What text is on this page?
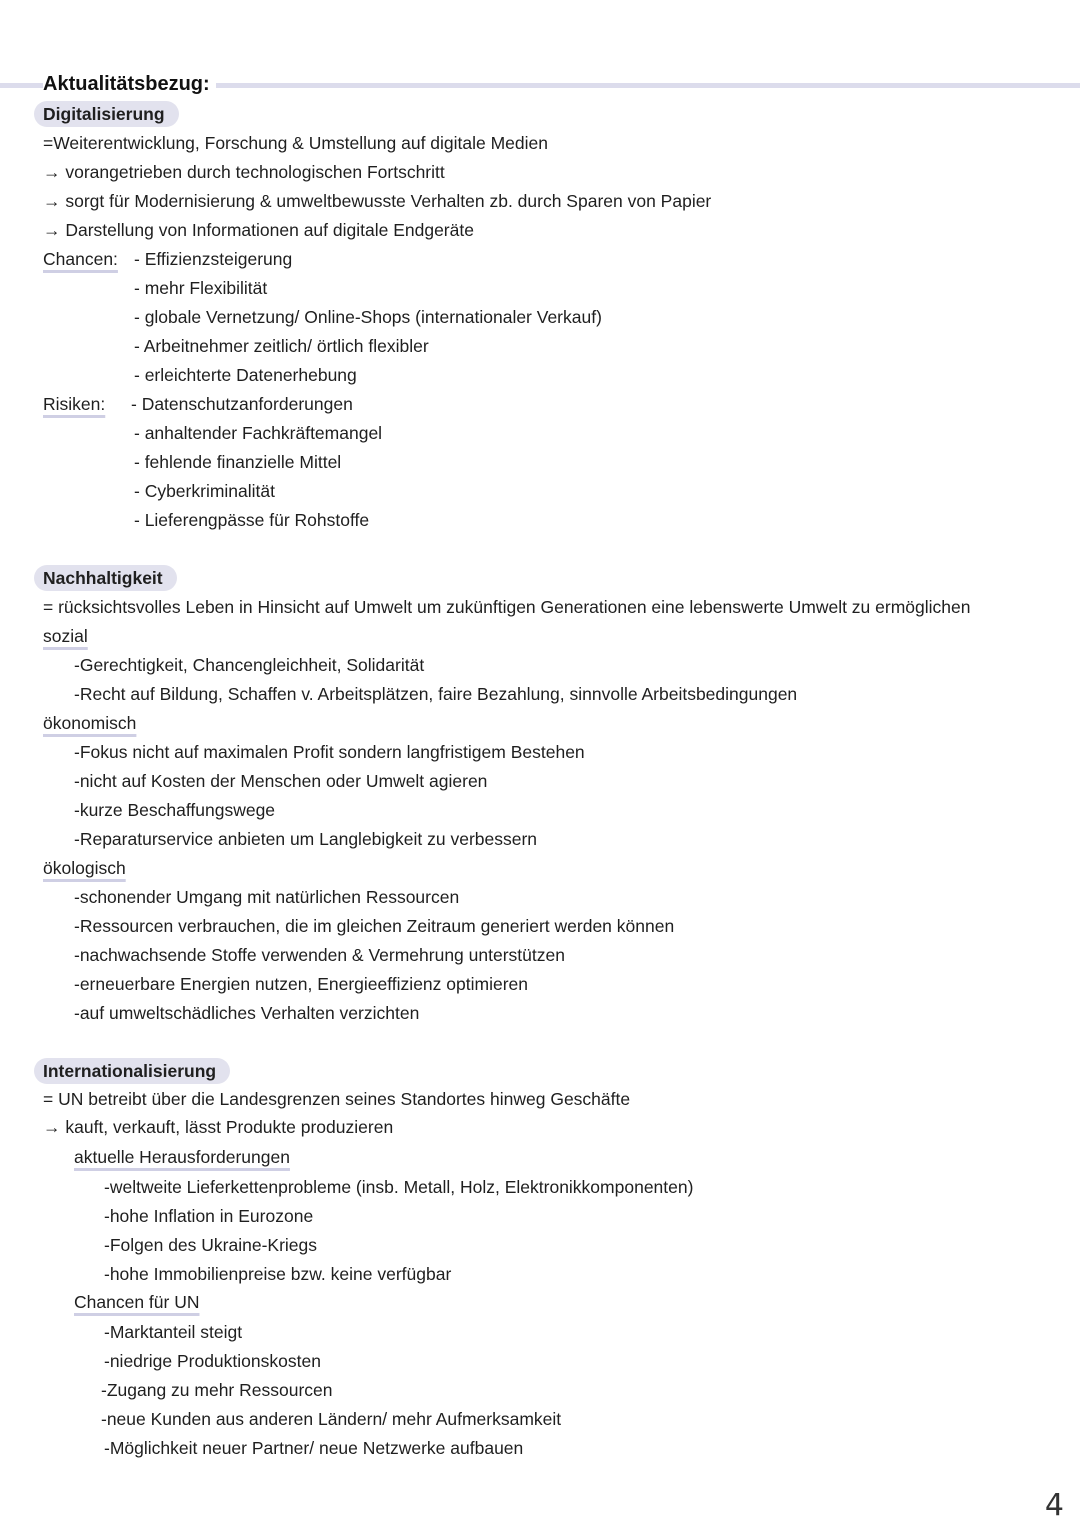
Aktualitätsbezug:
Digitalisierung
=Weiterentwicklung, Forschung & Umstellung auf digitale Medien
→ vorangetrieben durch technologischen Fortschritt
→ sorgt für Modernisierung & umweltbewusste Verhalten zb. durch Sparen von Papier
→ Darstellung von Informationen auf digitale Endgeräte
Chancen: - Effizienzsteigerung
- mehr Flexibilität
- globale Vernetzung/ Online-Shops (internationaler Verkauf)
- Arbeitnehmer zeitlich/ örtlich flexibler
- erleichterte Datenerhebung
Risiken: - Datenschutzanforderungen
- anhaltender Fachkräftemangel
- fehlende finanzielle Mittel
- Cyberkriminalität
- Lieferengpässe für Rohstoffe
Nachhaltigkeit
= rücksichtsvolles Leben in Hinsicht auf Umwelt um zukünftigen Generationen eine lebenswerte Umwelt zu ermöglichen
sozial
-Gerechtigkeit, Chancengleichheit, Solidarität
-Recht auf Bildung, Schaffen v. Arbeitsplätzen, faire Bezahlung, sinnvolle Arbeitsbedingungen
ökonomisch
-Fokus nicht auf maximalen Profit sondern langfristigem Bestehen
-nicht auf Kosten der Menschen oder Umwelt agieren
-kurze Beschaffungswege
-Reparaturservice anbieten um Langlebigkeit zu verbessern
ökologisch
-schonender Umgang mit natürlichen Ressourcen
-Ressourcen verbrauchen, die im gleichen Zeitraum generiert werden können
-nachwachsende Stoffe verwenden & Vermehrung unterstützen
-erneuerbare Energien nutzen, Energieeffizienz optimieren
-auf umweltschädliches Verhalten verzichten
Internationalisierung
= UN betreibt über die Landesgrenzen seines Standortes hinweg Geschäfte
→ kauft, verkauft, lässt Produkte produzieren
aktuelle Herausforderungen
-weltweite Lieferkettenprobleme (insb. Metall, Holz, Elektronikkomponenten)
-hohe Inflation in Eurozone
-Folgen des Ukraine-Kriegs
-hohe Immobilienpreise bzw. keine verfügbar
Chancen für UN
-Marktanteil steigt
-niedrige Produktionskosten
-Zugang zu mehr Ressourcen
-neue Kunden aus anderen Ländern/ mehr Aufmerksamkeit
-Möglichkeit neuer Partner/ neue Netzwerke aufbauen
4
